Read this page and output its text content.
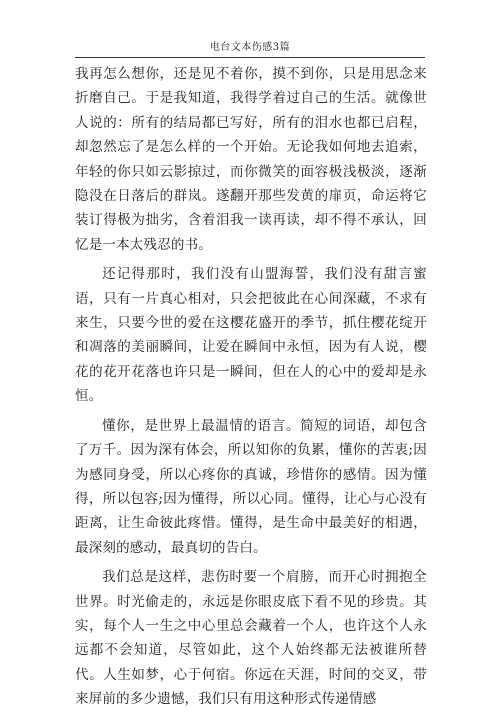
电台文本伤感3篇

我再怎么想你，还是见不着你，摸不到你，只是用思念来折磨自己。于是我知道，我得学着过自己的生活。就像世人说的：所有的结局都已写好，所有的泪水也都已启程，却忽然忘了是怎么样的一个开始。无论我如何地去追索，年轻的你只如云影掠过，而你微笑的面容极浅极淡，逐渐隐没在日落后的群岚。遂翻开那些发黄的扉页，命运将它装订得极为拙劣，含着泪我一读再读，却不得不承认，回忆是一本太残忍的书。

还记得那时，我们没有山盟海誓，我们没有甜言蜜语，只有一片真心相对，只会把彼此在心间深藏，不求有来生，只要今世的爱在这樱花盛开的季节，抓住樱花绽开和凋落的美丽瞬间，让爱在瞬间中永恒，因为有人说，樱花的花开花落也许只是一瞬间，但在人的心中的爱却是永恒。

懂你，是世界上最温情的语言。简短的词语，却包含了万千。因为深有体会，所以知你的负累，懂你的苦衷;因为感同身受，所以心疼你的真诚，珍惜你的感情。因为懂得，所以包容;因为懂得，所以心同。懂得，让心与心没有距离，让生命彼此疼惜。懂得，是生命中最美好的相遇，最深刻的感动，最真切的告白。

我们总是这样，悲伤时要一个肩膀，而开心时拥抱全世界。时光偷走的，永远是你眼皮底下看不见的珍贵。其实，每个人一生之中心里总会藏着一个人，也许这个人永远都不会知道，尽管如此，这个人始终都无法被谁所替代。人生如梦，心于何宿。你远在天涯，时间的交叉，带来屏前的多少遗憾，我们只有用这种形式传递情感
